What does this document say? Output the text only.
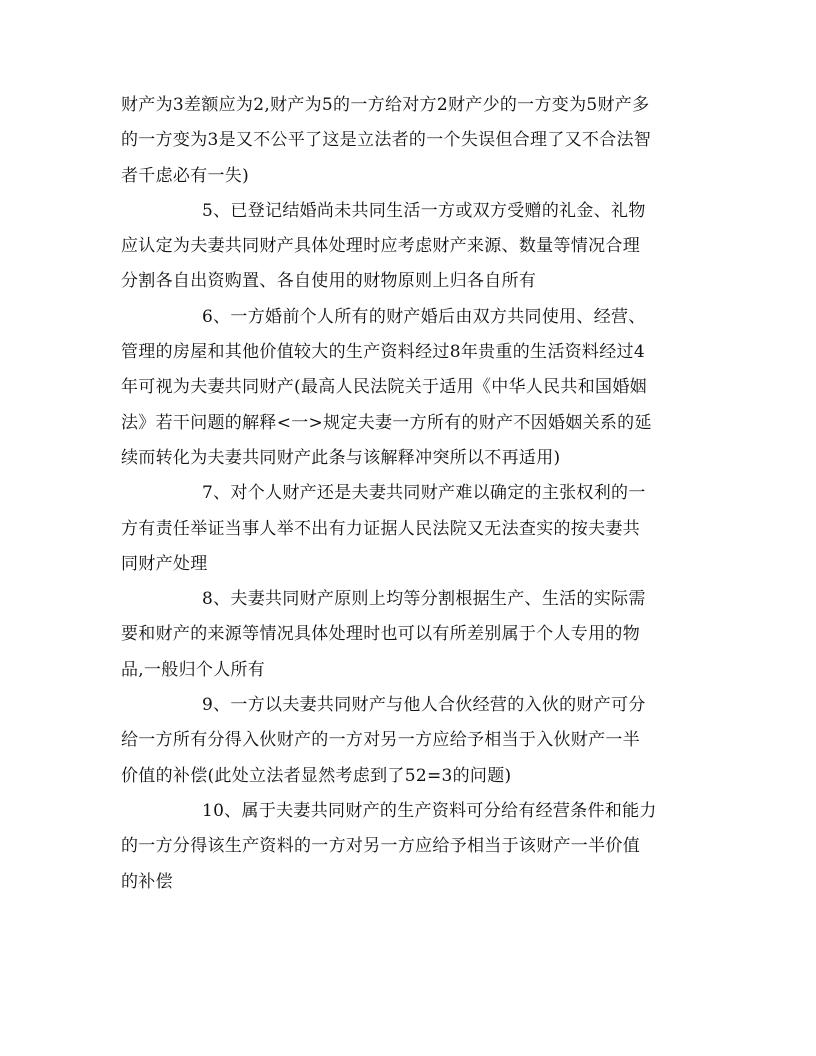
财产为3差额应为2,财产为5的一方给对方2财产少的一方变为5财产多
的一方变为3是又不公平了这是立法者的一个失误但合理了又不合法智
者千虑必有一失)
5、已登记结婚尚未共同生活一方或双方受赠的礼金、礼物
应认定为夫妻共同财产具体处理时应考虑财产来源、数量等情况合理
分割各自出资购置、各自使用的财物原则上归各自所有
6、一方婚前个人所有的财产婚后由双方共同使用、经营、
管理的房屋和其他价值较大的生产资料经过8年贵重的生活资料经过4
年可视为夫妻共同财产(最高人民法院关于适用《中华人民共和国婚姻
法》若干问题的解释<一>规定夫妻一方所有的财产不因婚姻关系的延
续而转化为夫妻共同财产此条与该解释冲突所以不再适用)
7、对个人财产还是夫妻共同财产难以确定的主张权利的一
方有责任举证当事人举不出有力证据人民法院又无法查实的按夫妻共
同财产处理
8、夫妻共同财产原则上均等分割根据生产、生活的实际需
要和财产的来源等情况具体处理时也可以有所差别属于个人专用的物
品,一般归个人所有
9、一方以夫妻共同财产与他人合伙经营的入伙的财产可分
给一方所有分得入伙财产的一方对另一方应给予相当于入伙财产一半
价值的补偿(此处立法者显然考虑到了52=3的问题)
10、属于夫妻共同财产的生产资料可分给有经营条件和能力
的一方分得该生产资料的一方对另一方应给予相当于该财产一半价值
的补偿
